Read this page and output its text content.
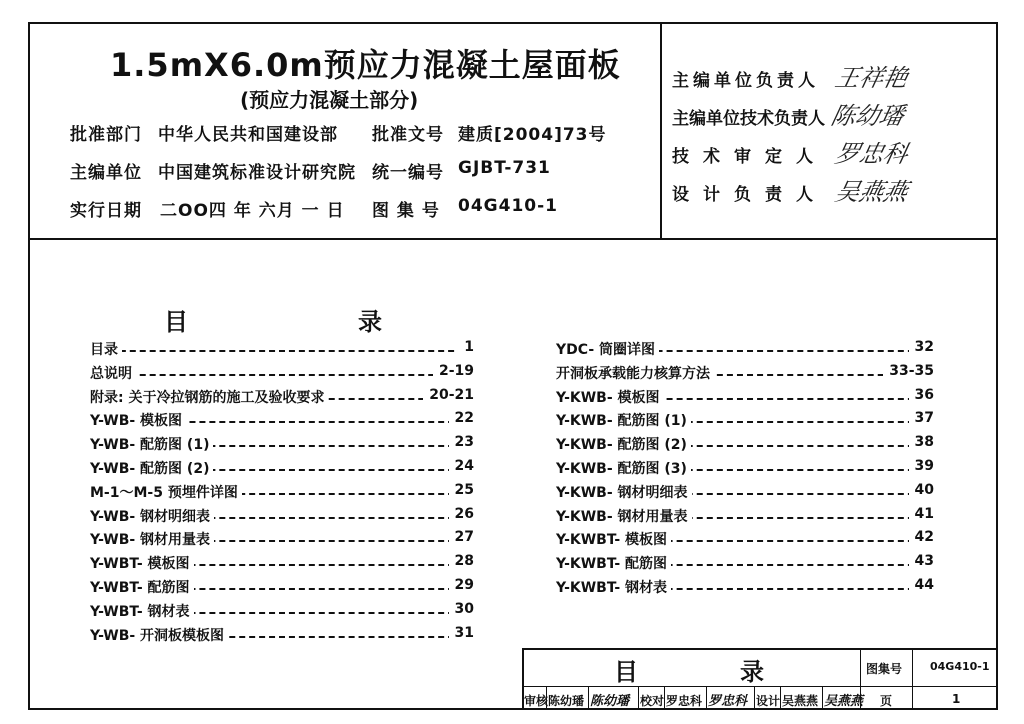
1.5mX6.0m预应力混凝土屋面板
(预应力混凝土部分)
批准部门 中华人民共和国建设部 批准文号 建质[2004]73号
主编单位 中国建筑标准设计研究院 统一编号 GJBT-731
实行日期 二OO四 年 六月 一 日 图 集 号 04G410-1
主编单位负责人 王祥艳
主编单位技术负责人 陈幼璠
技术审定人 罗忠科
设计负责人 吴燕燕
目	录
目录	1
总说明	2-19
附录: 关于冷拉钢筋的施工及验收要求	20-21
Y-WB- 模板图	22
Y-WB- 配筋图 (1)	23
Y-WB- 配筋图 (2)	24
M-1～M-5 预埋件详图	25
Y-WB- 钢材明细表	26
Y-WB- 钢材用量表	27
Y-WBT- 模板图	28
Y-WBT- 配筋图	29
Y-WBT- 钢材表	30
Y-WB- 开洞板模板图	31
YDC- 筒圈详图	32
开洞板承载能力核算方法	33-35
Y-KWB- 模板图	36
Y-KWB- 配筋图 (1)	37
Y-KWB- 配筋图 (2)	38
Y-KWB- 配筋图 (3)	39
Y-KWB- 钢材明细表	40
Y-KWB- 钢材用量表	41
Y-KWBT- 模板图	42
Y-KWBT- 配筋图	43
Y-KWBT- 钢材表	44
目	录	图集号	04G410-1
审核 陈幼璠 陈幼璠 校对 罗忠科 罗忠科 设计 吴燕燕 吴燕燕 页	1
